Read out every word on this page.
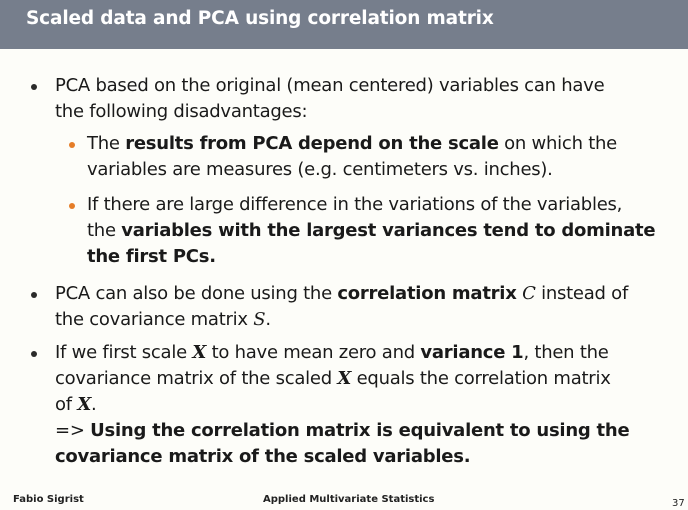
Scaled data and PCA using correlation matrix
PCA based on the original (mean centered) variables can have
the following disadvantages:
The results from PCA depend on the scale on which the
variables are measures (e.g. centimeters vs. inches).
If there are large difference in the variations of the variables,
the variables with the largest variances tend to dominate
the first PCs.
PCA can also be done using the correlation matrix C instead of
the covariance matrix S.
If we first scale X to have mean zero and variance 1, then the
covariance matrix of the scaled X equals the correlation matrix
of X.
=> Using the correlation matrix is equivalent to using the
covariance matrix of the scaled variables.
Fabio Sigrist	Applied Multivariate Statistics	37
